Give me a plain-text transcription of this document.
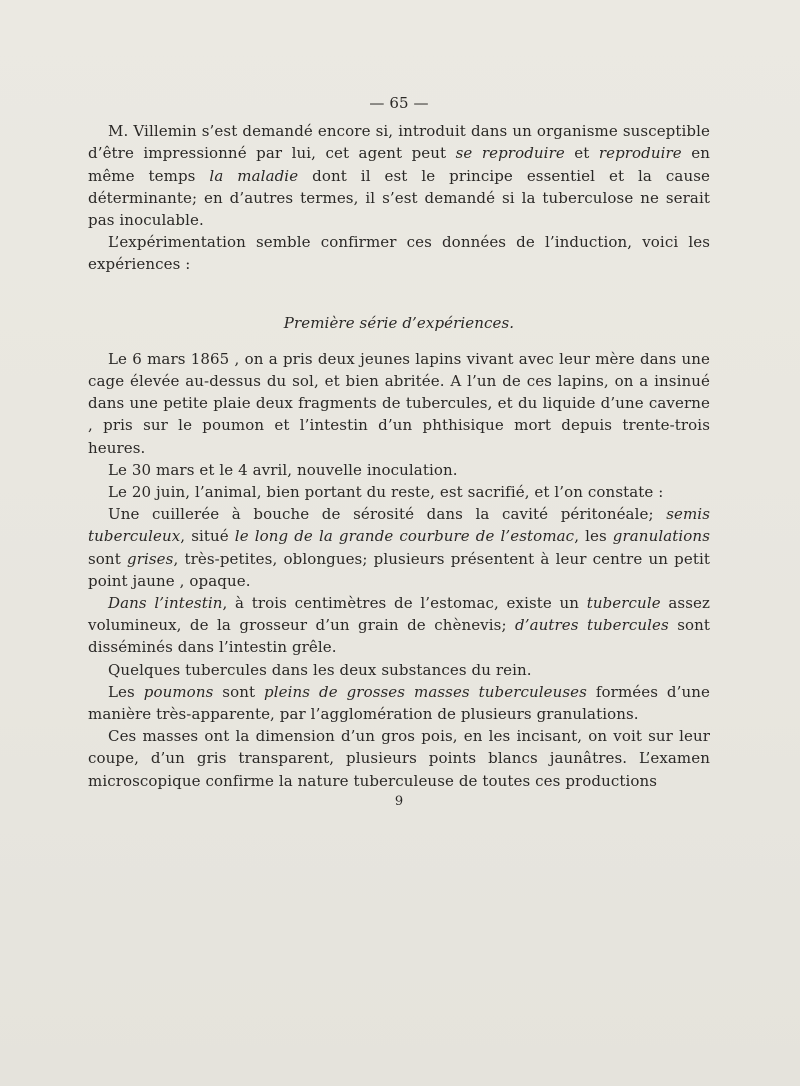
— 65 —

M. Villemin s’est demandé encore si, introduit dans un organisme susceptible d’être impressionné par lui, cet agent peut se reproduire et reproduire en même temps la maladie dont il est le principe essentiel et la cause déterminante; en d’autres termes, il s’est demandé si la tuberculose ne serait pas inoculable.

L’expérimentation semble confirmer ces données de l’induction, voici les expériences :

Première série d’expériences.

Le 6 mars 1865 , on a pris deux jeunes lapins vivant avec leur mère dans une cage élevée au-dessus du sol, et bien abritée. A l’un de ces lapins, on a insinué dans une petite plaie deux fragments de tubercules, et du liquide d’une caverne , pris sur le poumon et l’intestin d’un phthisique mort depuis trente-trois heures.

Le 30 mars et le 4 avril, nouvelle inoculation.

Le 20 juin, l’animal, bien portant du reste, est sacrifié, et l’on constate :

Une cuillerée à bouche de sérosité dans la cavité péritonéale; semis tuberculeux, situé le long de la grande courbure de l’estomac, les granulations sont grises, très-petites, oblongues; plusieurs présentent à leur centre un petit point jaune , opaque.

Dans l’intestin, à trois centimètres de l’estomac, existe un tubercule assez volumineux, de la grosseur d’un grain de chènevis; d’autres tubercules sont disséminés dans l’intestin grêle.

Quelques tubercules dans les deux substances du rein.

Les poumons sont pleins de grosses masses tuberculeuses formées d’une manière très-apparente, par l’agglomération de plusieurs granulations.

Ces masses ont la dimension d’un gros pois, en les incisant, on voit sur leur coupe, d’un gris transparent, plusieurs points blancs jaunâtres. L’examen microscopique confirme la nature tuberculeuse de toutes ces productions

9
